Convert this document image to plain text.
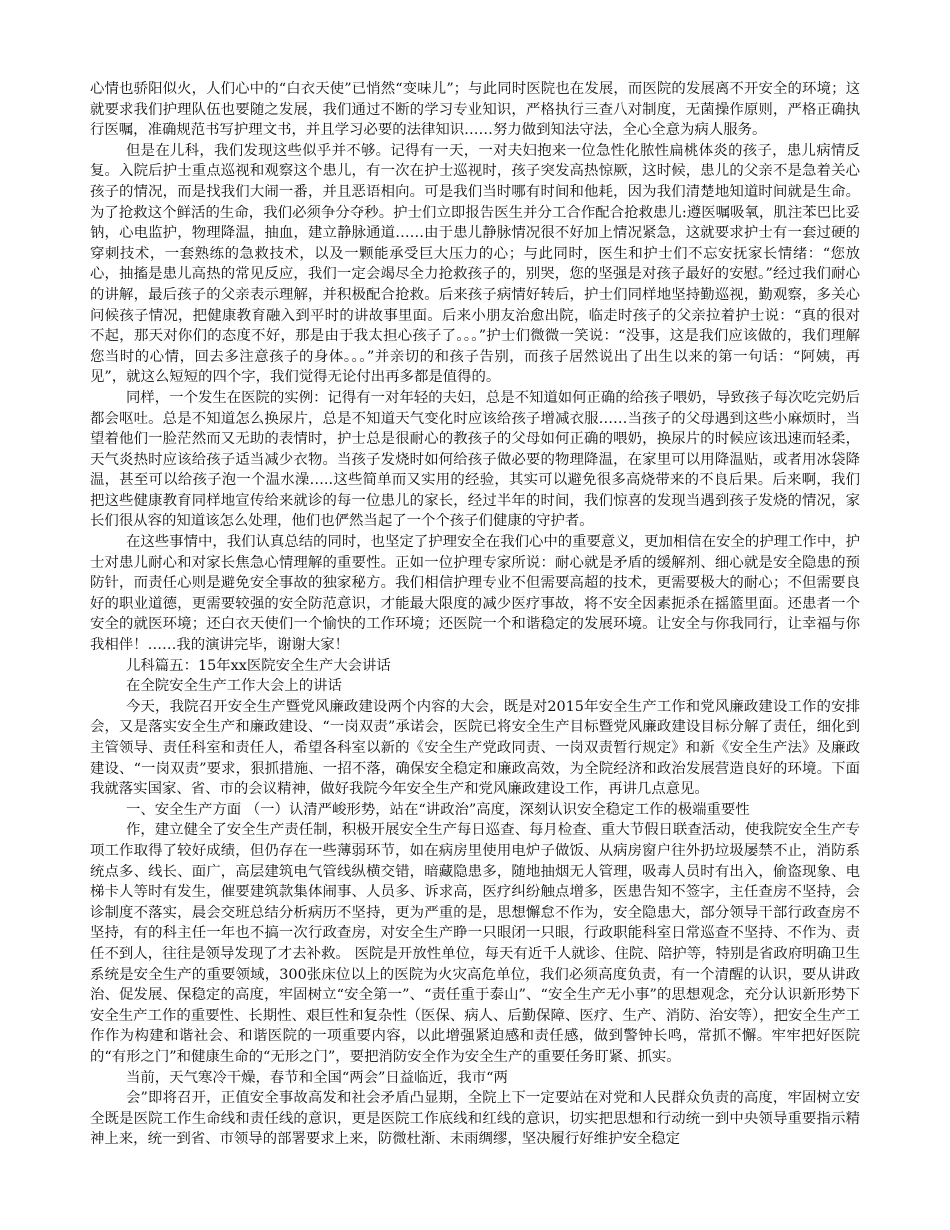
心情也骄阳似火，人们心中的“白衣天使”已悄然“变味儿”；与此同时医院也在发展，而医院的发展离不开安全的环境；这就要求我们护理队伍也要随之发展，我们通过不断的学习专业知识，严格执行三查八对制度，无菌操作原则，严格正确执行医嘱，准确规范书写护理文书，并且学习必要的法律知识……努力做到知法守法，全心全意为病人服务。

但是在儿科，我们发现这些似乎并不够。记得有一天，一对夫妇抱来一位急性化脓性扁桃体炎的孩子，患儿病情反复。入院后护士重点巡视和观察这个患儿，有一次在护士巡视时，孩子突发高热惊厥，这时候，患儿的父亲不是急着关心孩子的情况，而是找我们大闹一番，并且恶语相向。可是我们当时哪有时间和他耗，因为我们清楚地知道时间就是生命。为了抢救这个鲜活的生命，我们必须争分夺秒。护士们立即报告医生并分工合作配合抢救患儿:遵医嘱吸氧，肌注苯巴比妥钠，心电监护，物理降温，抽血，建立静脉通道……由于患儿静脉情况很不好加上情况紧急，这就要求护士有一套过硬的穿刺技术，一套熟练的急救技术，以及一颗能承受巨大压力的心；与此同时，医生和护士们不忘安抚家长情绪：“您放心，抽搐是患儿高热的常见反应，我们一定会竭尽全力抢救孩子的，别哭，您的坚强是对孩子最好的安慰。”经过我们耐心的讲解，最后孩子的父亲表示理解，并积极配合抢救。后来孩子病情好转后，护士们同样地坚持勤巡视，勤观察，多关心问候孩子情况，把健康教育融入到平时的讲故事里面。后来小朋友治愈出院，临走时孩子的父亲拉着护士说：“真的很对不起，那天对你们的态度不好，那是由于我太担心孩子了。。。”护士们微微一笑说：“没事，这是我们应该做的，我们理解您当时的心情，回去多注意孩子的身体。。。”并亲切的和孩子告别，而孩子居然说出了出生以来的第一句话：“阿姨，再见”，就这么短短的四个字，我们觉得无论付出再多都是值得的。

同样，一个发生在医院的实例：记得有一对年轻的夫妇，总是不知道如何正确的给孩子喂奶，导致孩子每次吃完奶后都会呕吐。总是不知道怎么换尿片，总是不知道天气变化时应该给孩子增减衣服……当孩子的父母遇到这些小麻烦时，当望着他们一脸茫然而又无助的表情时，护士总是很耐心的教孩子的父母如何正确的喂奶，换尿片的时候应该迅速而轻柔，天气炎热时应该给孩子适当减少衣物。当孩子发烧时如何给孩子做必要的物理降温，在家里可以用降温贴，或者用冰袋降温，甚至可以给孩子泡一个温水澡…..这些简单而又实用的经验，其实可以避免很多高烧带来的不良后果。后来啊，我们把这些健康教育同样地宣传给来就诊的每一位患儿的家长，经过半年的时间，我们惊喜的发现当遇到孩子发烧的情况，家长们很从容的知道该怎么处理，他们也俨然当起了一个个孩子们健康的守护者。

在这些事情中，我们认真总结的同时，也坚定了护理安全在我们心中的重要意义，更加相信在安全的护理工作中，护士对患儿耐心和对家长焦急心情理解的重要性。正如一位护理专家所说：耐心就是矛盾的缓解剂、细心就是安全隐患的预防针，而责任心则是避免安全事故的独家秘方。我们相信护理专业不但需要高超的技术，更需要极大的耐心；不但需要良好的职业道德，更需要较强的安全防范意识，才能最大限度的减少医疗事故，将不安全因素扼杀在摇篮里面。还患者一个安全的就医环境；还白衣天使们一个愉快的工作环境；还医院一个和谐稳定的发展环境。让安全与你我同行，让幸福与你我相伴！……我的演讲完毕，谢谢大家！

儿科篇五：15年xx医院安全生产大会讲话

在全院安全生产工作大会上的讲话

今天，我院召开安全生产暨党风廉政建设两个内容的大会，既是对2015年安全生产工作和党风廉政建设工作的安排会，又是落实安全生产和廉政建设、“一岗双责”承诺会，医院已将安全生产目标暨党风廉政建设目标分解了责任，细化到主管领导、责任科室和责任人，希望各科室以新的《安全生产党政同责、一岗双责暂行规定》和新《安全生产法》及廉政建设、“一岗双责”要求，狠抓措施、一招不落，确保安全稳定和廉政高效，为全院经济和政治发展营造良好的环境。下面我就落实国家、省、市的会议精神，做好我院今年安全生产和党风廉政建设工作，再讲几点意见。

一、安全生产方面 （一）认清严峻形势，站在“讲政治”高度，深刻认识安全稳定工作的极端重要性

作，建立健全了安全生产责任制，积极开展安全生产每日巡查、每月检查、重大节假日联查活动，使我院安全生产专项工作取得了较好成绩，但仍存在一些薄弱环节，如在病房里使用电炉子做饭、从病房窗户往外扔垃圾屡禁不止，消防系统点多、线长、面广，高层建筑电气管线纵横交错，暗藏隐患多，随地抽烟无人管理，吸毒人员时有出入，偷盗现象、电梯卡人等时有发生，催要建筑款集体闹事、人员多、诉求高，医疗纠纷触点增多，医患告知不签字，主任查房不坚持，会诊制度不落实，晨会交班总结分析病历不坚持，更为严重的是，思想懈怠不作为，安全隐患大，部分领导干部行政查房不坚持，有的科主任一年也不搞一次行政查房，对安全生产睁一只眼闭一只眼，行政职能科室日常巡查不坚持、不作为、责任不到人，往往是领导发现了才去补救。 医院是开放性单位，每天有近千人就诊、住院、陪护等，特别是省政府明确卫生系统是安全生产的重要领域，300张床位以上的医院为火灾高危单位，我们必须高度负责，有一个清醒的认识，要从讲政治、促发展、保稳定的高度，牢固树立“安全第一”、“责任重于泰山”、“安全生产无小事”的思想观念，充分认识新形势下安全生产工作的重要性、长期性、艰巨性和复杂性（医保、病人、后勤保障、医疗、生产、消防、治安等），把安全生产工作作为构建和谐社会、和谐医院的一项重要内容，以此增强紧迫感和责任感，做到警钟长鸣，常抓不懈。牢牢把好医院的“有形之门”和健康生命的“无形之门”，要把消防安全作为安全生产的重要任务盯紧、抓实。

当前，天气寒冷干燥，春节和全国“两会”日益临近，我市“两

会”即将召开，正值安全事故高发和社会矛盾凸显期，全院上下一定要站在对党和人民群众负责的高度，牢固树立安全既是医院工作生命线和责任线的意识，更是医院工作底线和红线的意识，切实把思想和行动统一到中央领导重要指示精神上来，统一到省、市领导的部署要求上来，防微杜渐、未雨绸缪，坚决履行好维护安全稳定
